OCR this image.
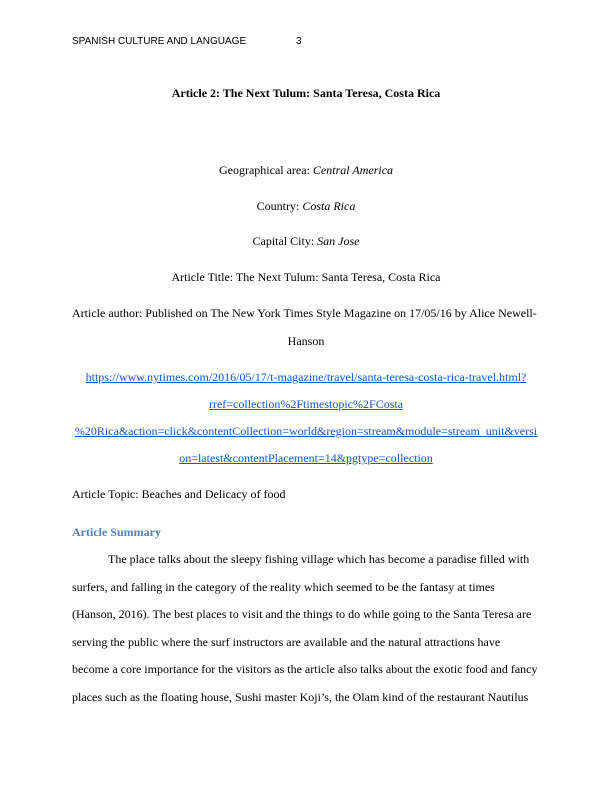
SPANISH CULTURE AND LANGUAGE	3
Article 2: The Next Tulum: Santa Teresa, Costa Rica
Geographical area: Central America
Country: Costa Rica
Capital City: San Jose
Article Title: The Next Tulum: Santa Teresa, Costa Rica
Article author: Published on The New York Times Style Magazine on 17/05/16 by Alice Newell-
Hanson
https://www.nytimes.com/2016/05/17/t-magazine/travel/santa-teresa-costa-rica-travel.html?
rref=collection%2Ftimestopic%2FCosta
%20Rica&action=click&contentCollection=world&region=stream&module=stream_unit&versi
on=latest&contentPlacement=14&pgtype=collection
Article Topic: Beaches and Delicacy of food
Article Summary
The place talks about the sleepy fishing village which has become a paradise filled with
surfers, and falling in the category of the reality which seemed to be the fantasy at times
(Hanson, 2016). The best places to visit and the things to do while going to the Santa Teresa are
serving the public where the surf instructors are available and the natural attractions have
become a core importance for the visitors as the article also talks about the exotic food and fancy
places such as the floating house, Sushi master Koji’s, the Olam kind of the restaurant Nautilus
